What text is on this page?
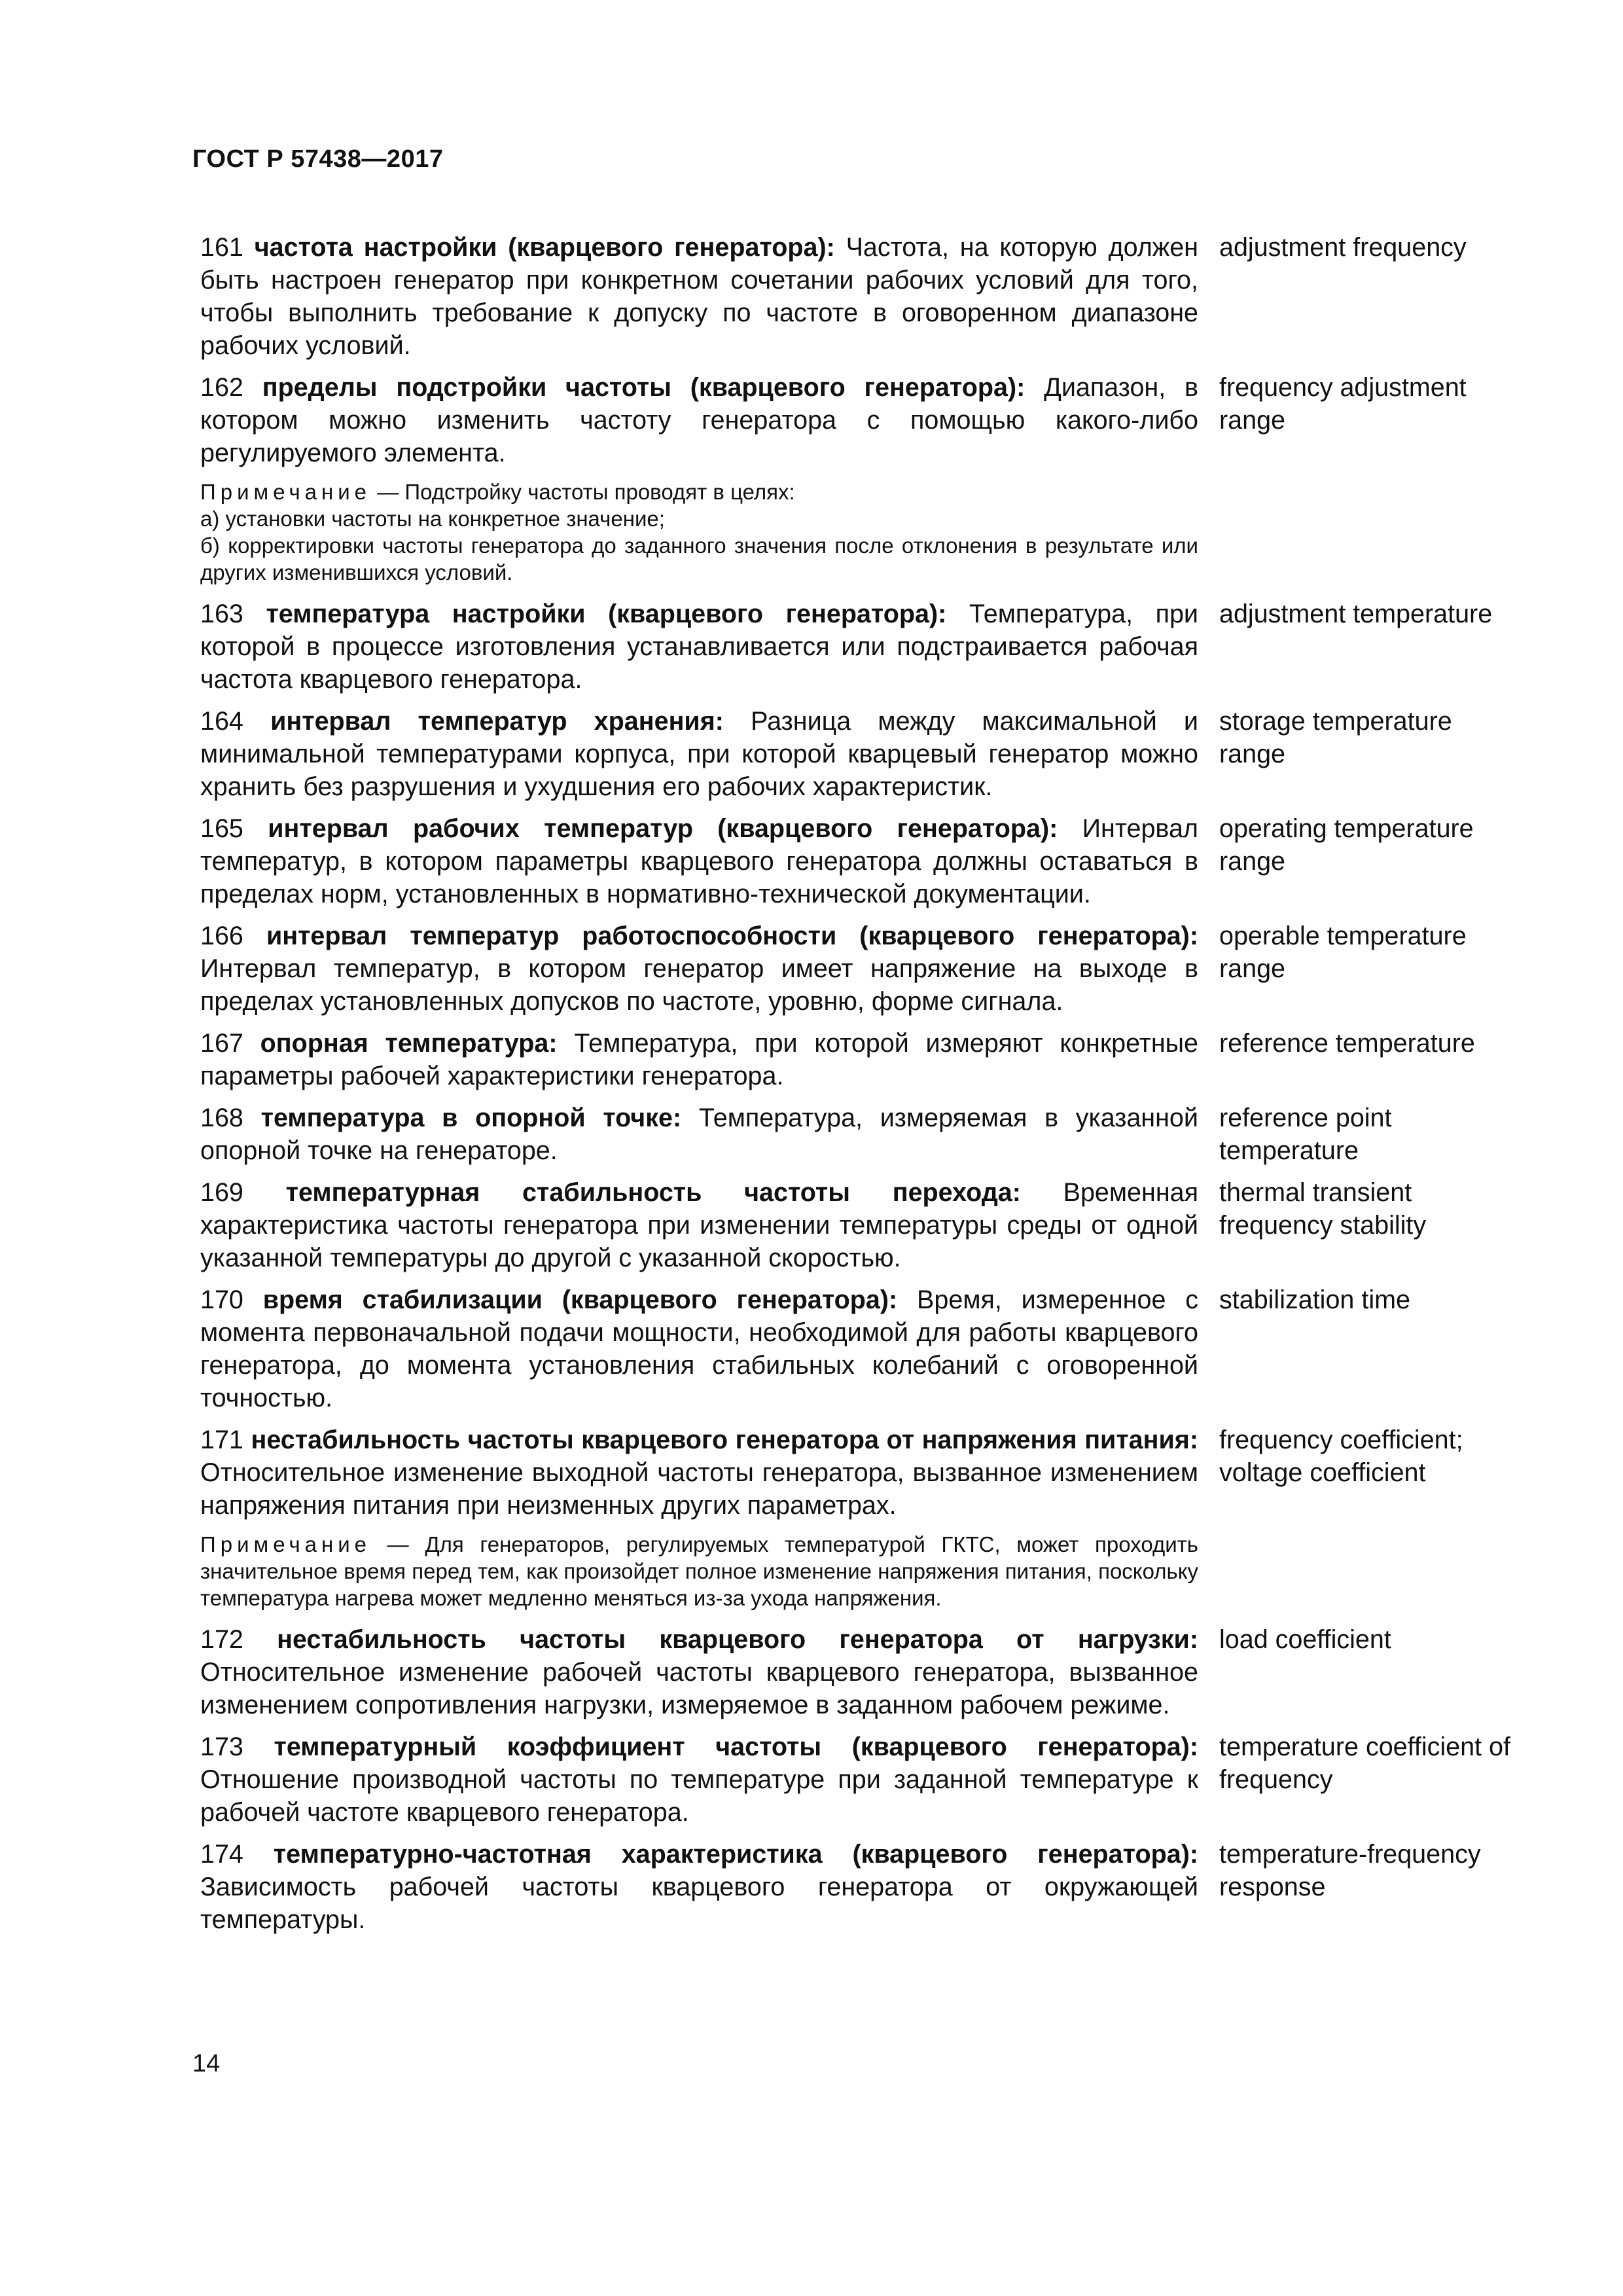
ГОСТ Р 57438—2017
161 частота настройки (кварцевого генератора): Частота, на которую должен быть настроен генератор при конкретном сочетании рабочих условий для того, чтобы выполнить требование к допуску по частоте в оговоренном диапазоне рабочих условий.
adjustment frequency
162 пределы подстройки частоты (кварцевого генератора): Диапазон, в котором можно изменить частоту генератора с помощью какого-либо регулируемого элемента.
frequency adjustment range
Примечание — Подстройку частоты проводят в целях:
а) установки частоты на конкретное значение;
б) корректировки частоты генератора до заданного значения после отклонения в результате или других изменившихся условий.
163 температура настройки (кварцевого генератора): Температура, при которой в процессе изготовления устанавливается или подстраивается рабочая частота кварцевого генератора.
adjustment temperature
164 интервал температур хранения: Разница между максимальной и минимальной температурами корпуса, при которой кварцевый генератор можно хранить без разрушения и ухудшения его рабочих характеристик.
storage temperature range
165 интервал рабочих температур (кварцевого генератора): Интервал температур, в котором параметры кварцевого генератора должны оставаться в пределах норм, установленных в нормативно-технической документации.
operating temperature range
166 интервал температур работоспособности (кварцевого генератора): Интервал температур, в котором генератор имеет напряжение на выходе в пределах установленных допусков по частоте, уровню, форме сигнала.
operable temperature range
167 опорная температура: Температура, при которой измеряют конкретные параметры рабочей характеристики генератора.
reference temperature
168 температура в опорной точке: Температура, измеряемая в указанной опорной точке на генераторе.
reference point temperature
169 температурная стабильность частоты перехода: Временная характеристика частоты генератора при изменении температуры среды от одной указанной температуры до другой с указанной скоростью.
thermal transient frequency stability
170 время стабилизации (кварцевого генератора): Время, измеренное с момента первоначальной подачи мощности, необходимой для работы кварцевого генератора, до момента установления стабильных колебаний с оговоренной точностью.
stabilization time
171 нестабильность частоты кварцевого генератора от напряжения питания: Относительное изменение выходной частоты генератора, вызванное изменением напряжения питания при неизменных других параметрах.
frequency coefficient; voltage coefficient
Примечание — Для генераторов, регулируемых температурой ГКТС, может проходить значительное время перед тем, как произойдет полное изменение напряжения питания, поскольку температура нагрева может медленно меняться из-за ухода напряжения.
172 нестабильность частоты кварцевого генератора от нагрузки: Относительное изменение рабочей частоты кварцевого генератора, вызванное изменением сопротивления нагрузки, измеряемое в заданном рабочем режиме.
load coefficient
173 температурный коэффициент частоты (кварцевого генератора): Отношение производной частоты по температуре при заданной температуре к рабочей частоте кварцевого генератора.
temperature coefficient of frequency
174 температурно-частотная характеристика (кварцевого генератора): Зависимость рабочей частоты кварцевого генератора от окружающей температуры.
temperature-frequency response
14
